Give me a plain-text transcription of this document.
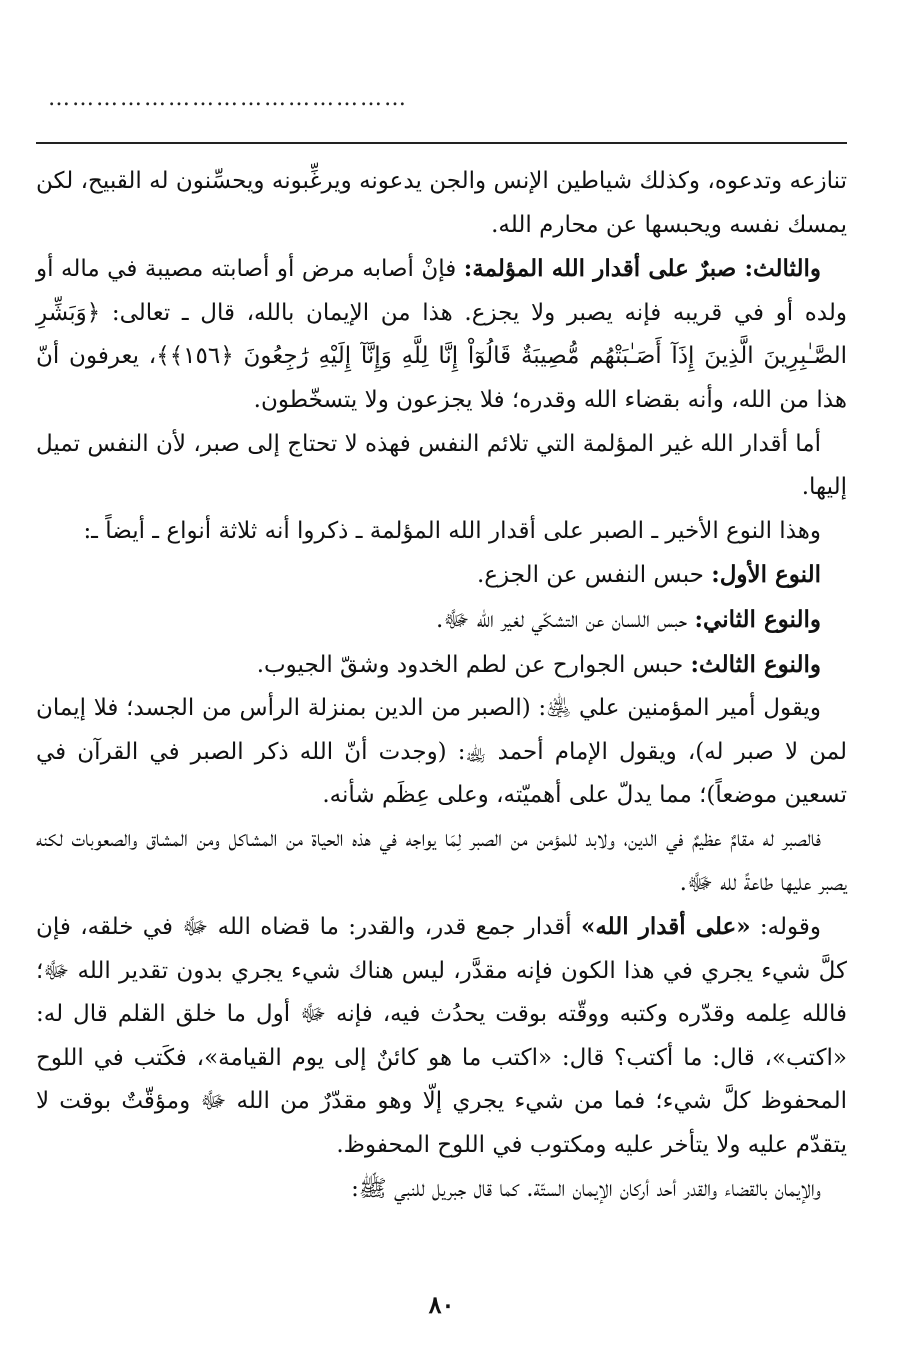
………………………………………

تنازعه وتدعوه، وكذلك شياطين الإنس والجن يدعونه ويرغِّبونه ويحسِّنون له القبيح، لكن يمسك نفسه ويحبسها عن محارم الله.

والثالث: صبرٌ على أقدار الله المؤلمة: فإنْ أصابه مرض أو أصابته مصيبة في ماله أو ولده أو في قريبه فإنه يصبر ولا يجزع. هذا من الإيمان بالله، قال ـ تعالى: ﴿وَبَشِّرِ الصَّـٰبِرِينَ الَّذِينَ إِذَآ أَصَـٰبَتْهُم مُّصِيبَةٌ قَالُوٓاْ إِنَّا لِلَّهِ وَإِنَّآ إِلَيْهِ رَٰجِعُونَ ﴿١٥٦﴾﴾، يعرفون أنّ هذا من الله، وأنه بقضاء الله وقدره؛ فلا يجزعون ولا يتسخّطون.

أما أقدار الله غير المؤلمة التي تلائم النفس فهذه لا تحتاج إلى صبر، لأن النفس تميل إليها.

وهذا النوع الأخير ـ الصبر على أقدار الله المؤلمة ـ ذكروا أنه ثلاثة أنواع ـ أيضاً ـ:

النوع الأول: حبس النفس عن الجزع.

والنوع الثاني: حبس اللسان عن التشكّي لغير الله ﷻ.

والنوع الثالث: حبس الجوارح عن لطم الخدود وشقّ الجيوب.

ويقول أمير المؤمنين علي ﵁: (الصبر من الدين بمنزلة الرأس من الجسد؛ فلا إيمان لمن لا صبر له)، ويقول الإمام أحمد ﵀: (وجدت أنّ الله ذكر الصبر في القرآن في تسعين موضعاً)؛ مما يدلّ على أهميّته، وعلى عِظَم شأنه.

فالصبر له مقامٌ عظيمٌ في الدين، ولابد للمؤمن من الصبر لِمَا يواجه في هذه الحياة من المشاكل ومن المشاق والصعوبات لكنه يصبر عليها طاعةً لله ﷻ.

وقوله: «على أقدار الله» أقدار جمع قدر، والقدر: ما قضاه الله ﷻ في خلقه، فإن كلَّ شيء يجري في هذا الكون فإنه مقدَّر، ليس هناك شيء يجري بدون تقدير الله ﷻ؛ فالله عِلمه وقدّره وكتبه ووقّته بوقت يحدُث فيه، فإنه ﷻ أول ما خلق القلم قال له: «اكتب»، قال: ما أكتب؟ قال: «اكتب ما هو كائنٌ إلى يوم القيامة»، فكَتب في اللوح المحفوظ كلَّ شيء؛ فما من شيء يجري إلّا وهو مقدّرٌ من الله ﷻ ومؤقّتٌ بوقت لا يتقدّم عليه ولا يتأخر عليه ومكتوب في اللوح المحفوظ.

والإيمان بالقضاء والقدر أحد أركان الإيمان الستّة. كما قال جبريل للنبي ﷺ:

٨٠
